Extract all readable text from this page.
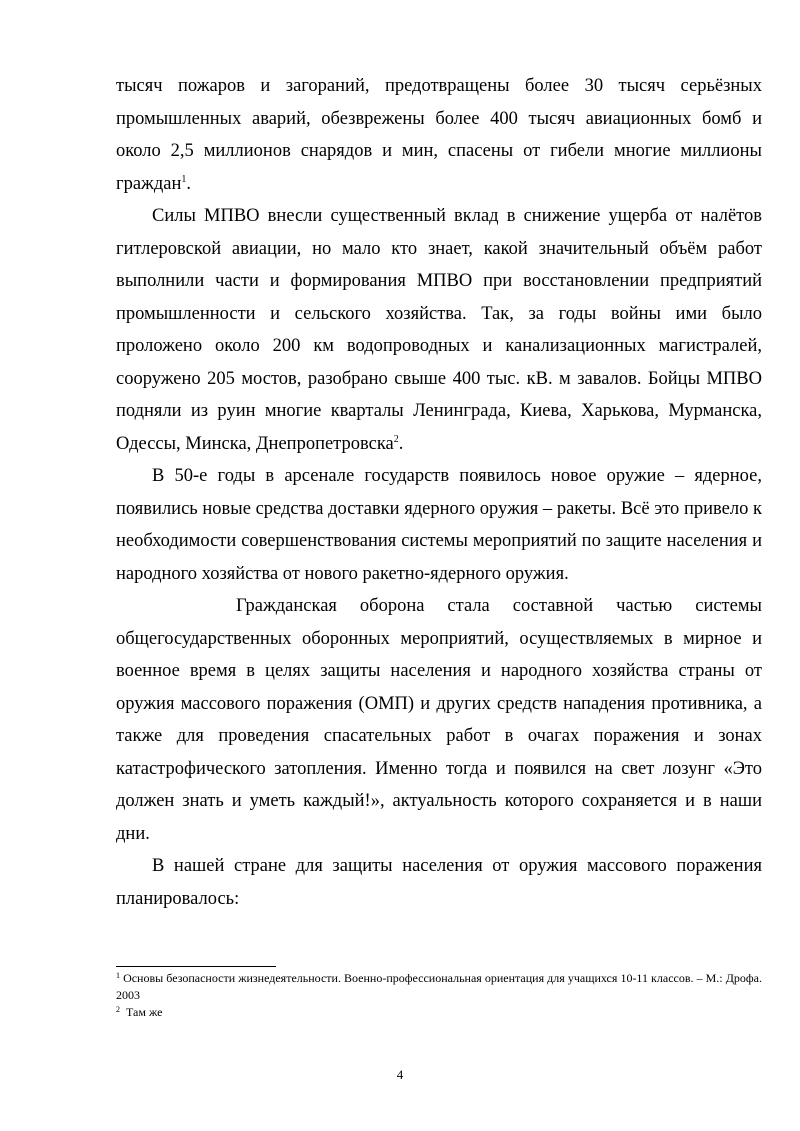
тысяч пожаров и загораний, предотвращены более 30 тысяч серьёзных промышленных аварий, обезврежены более 400 тысяч авиационных бомб и около 2,5 миллионов снарядов и мин, спасены от гибели многие миллионы граждан$^1$.

Силы МПВО внесли существенный вклад в снижение ущерба от налётов гитлеровской авиации, но мало кто знает, какой значительный объём работ выполнили части и формирования МПВО при восстановлении предприятий промышленности и сельского хозяйства. Так, за годы войны ими было проложено около 200 км водопроводных и канализационных магистралей, сооружено 205 мостов, разобрано свыше 400 тыс. кВ. м завалов. Бойцы МПВО подняли из руин многие кварталы Ленинграда, Киева, Харькова, Мурманска, Одессы, Минска, Днепропетровска$^2$.

В 50-е годы в арсенале государств появилось новое оружие – ядерное, появились новые средства доставки ядерного оружия – ракеты. Всё это привело к необходимости совершенствования системы мероприятий по защите населения и народного хозяйства от нового ракетно-ядерного оружия.

Гражданская оборона стала составной частью системы общегосударственных оборонных мероприятий, осуществляемых в мирное и военное время в целях защиты населения и народного хозяйства страны от оружия массового поражения (ОМП) и других средств нападения противника, а также для проведения спасательных работ в очагах поражения и зонах катастрофического затопления. Именно тогда и появился на свет лозунг «Это должен знать и уметь каждый!», актуальность которого сохраняется и в наши дни.

В нашей стране для защиты населения от оружия массового поражения планировалось:

$^1$ Основы безопасности жизнедеятельности. Военно-профессиональная ориентация для учащихся 10-11 классов. – М.: Дрофа. 2003

$^2$ Там же

4
